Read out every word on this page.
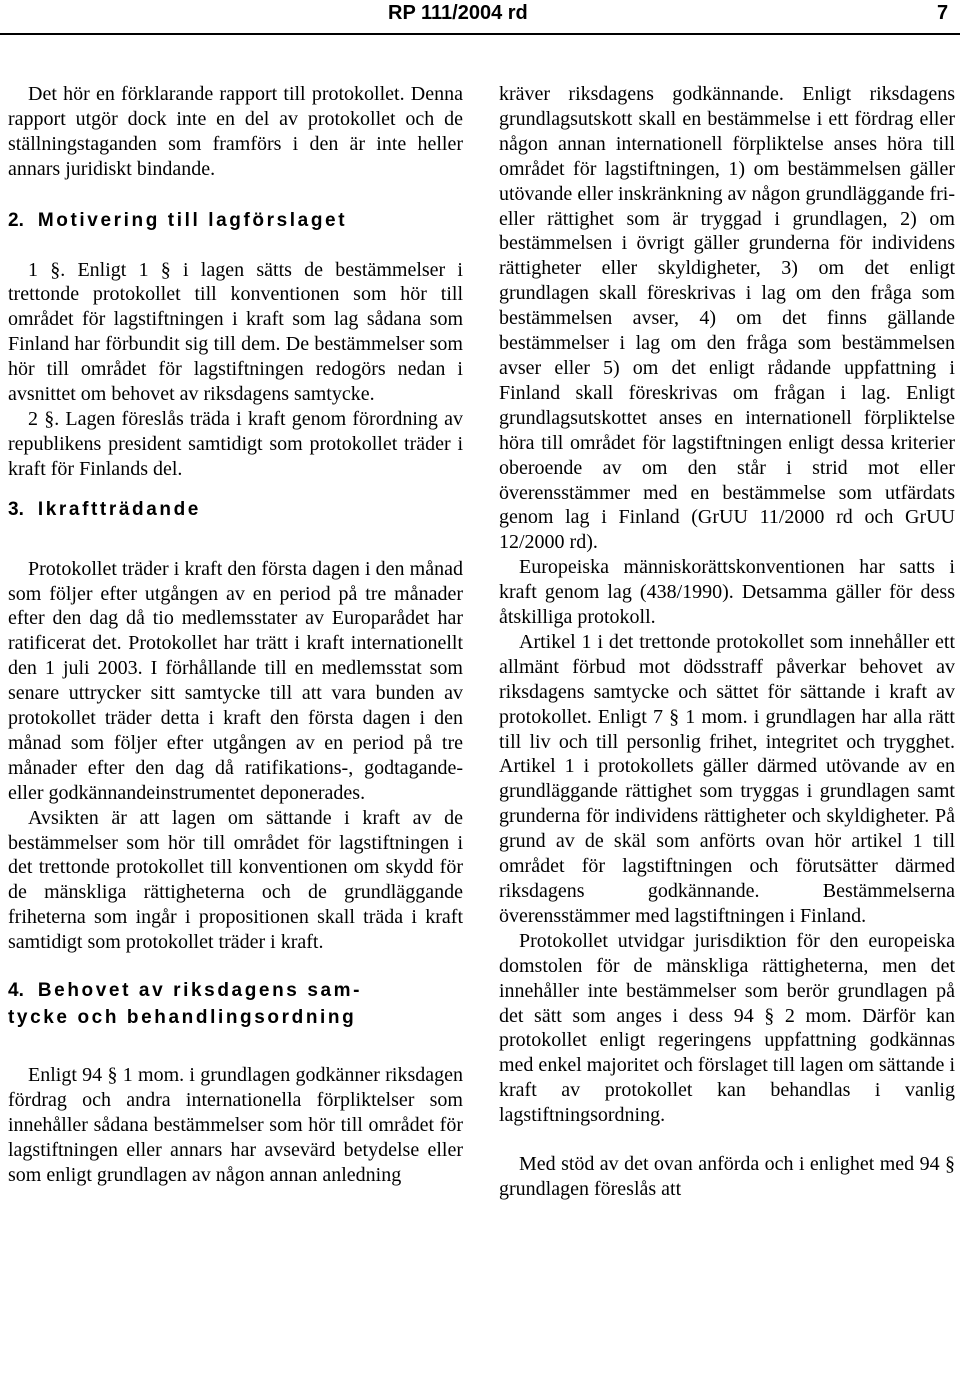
RP 111/2004 rd	7

Det hör en förklarande rapport till protokollet. Denna rapport utgör dock inte en del av protokollet och de ställningstaganden som framförs i den är inte heller annars juridiskt bindande.

2. Motivering till lagförslaget

1 §. Enligt 1 § i lagen sätts de bestämmelser i trettonde protokollet till konventionen som hör till området för lagstiftningen i kraft som lag sådana som Finland har förbundit sig till dem. De bestämmelser som hör till området för lagstiftningen redogörs nedan i avsnittet om behovet av riksdagens samtycke.

2 §. Lagen föreslås träda i kraft genom förordning av republikens president samtidigt som protokollet träder i kraft för Finlands del.

3. Ikraftträdande

Protokollet träder i kraft den första dagen i den månad som följer efter utgången av en period på tre månader efter den dag då tio medlemsstater av Europarådet har ratificerat det. Protokollet har trätt i kraft internationellt den 1 juli 2003. I förhållande till en medlemsstat som senare uttrycker sitt samtycke till att vara bunden av protokollet träder detta i kraft den första dagen i den månad som följer efter utgången av en period på tre månader efter den dag då ratifikations-, godtagande- eller godkännandeinstrumentet deponerades.

Avsikten är att lagen om sättande i kraft av de bestämmelser som hör till området för lagstiftningen i det trettonde protokollet till konventionen om skydd för de mänskliga rättigheterna och de grundläggande friheterna som ingår i propositionen skall träda i kraft samtidigt som protokollet träder i kraft.

4. Behovet av riksdagens sam-
tycke och behandlingsordning

Enligt 94 § 1 mom. i grundlagen godkänner riksdagen fördrag och andra internationella förpliktelser som innehåller sådana bestämmelser som hör till området för lagstiftningen eller annars har avsevärd betydelse eller som enligt grundlagen av någon annan anledning

kräver riksdagens godkännande. Enligt riksdagens grundlagsutskott skall en bestämmelse i ett fördrag eller någon annan internationell förpliktelse anses höra till området för lagstiftningen, 1) om bestämmelsen gäller utövande eller inskränkning av någon grundläggande fri- eller rättighet som är tryggad i grundlagen, 2) om bestämmelsen i övrigt gäller grunderna för individens rättigheter eller skyldigheter, 3) om det enligt grundlagen skall föreskrivas i lag om den fråga som bestämmelsen avser, 4) om det finns gällande bestämmelser i lag om den fråga som bestämmelsen avser eller 5) om det enligt rådande uppfattning i Finland skall föreskrivas om frågan i lag. Enligt grundlagsutskottet anses en internationell förpliktelse höra till området för lagstiftningen enligt dessa kriterier oberoende av om den står i strid mot eller överensstämmer med en bestämmelse som utfärdats genom lag i Finland (GrUU 11/2000 rd och GrUU 12/2000 rd).

Europeiska människorättskonventionen har satts i kraft genom lag (438/1990). Detsamma gäller för dess åtskilliga protokoll.

Artikel 1 i det trettonde protokollet som innehåller ett allmänt förbud mot dödsstraff påverkar behovet av riksdagens samtycke och sättet för sättande i kraft av protokollet. Enligt 7 § 1 mom. i grundlagen har alla rätt till liv och till personlig frihet, integritet och trygghet. Artikel 1 i protokollets gäller därmed utövande av en grundläggande rättighet som tryggas i grundlagen samt grunderna för individens rättigheter och skyldigheter. På grund av de skäl som anförts ovan hör artikel 1 till området för lagstiftningen och förutsätter därmed riksdagens godkännande. Bestämmelserna överensstämmer med lagstiftningen i Finland.

Protokollet utvidgar jurisdiktion för den europeiska domstolen för de mänskliga rättigheterna, men det innehåller inte bestämmelser som berör grundlagen på det sätt som anges i dess 94 § 2 mom. Därför kan protokollet enligt regeringens uppfattning godkännas med enkel majoritet och förslaget till lagen om sättande i kraft av protokollet kan behandlas i vanlig lagstiftningsordning.

Med stöd av det ovan anförda och i enlighet med 94 § grundlagen föreslås att
